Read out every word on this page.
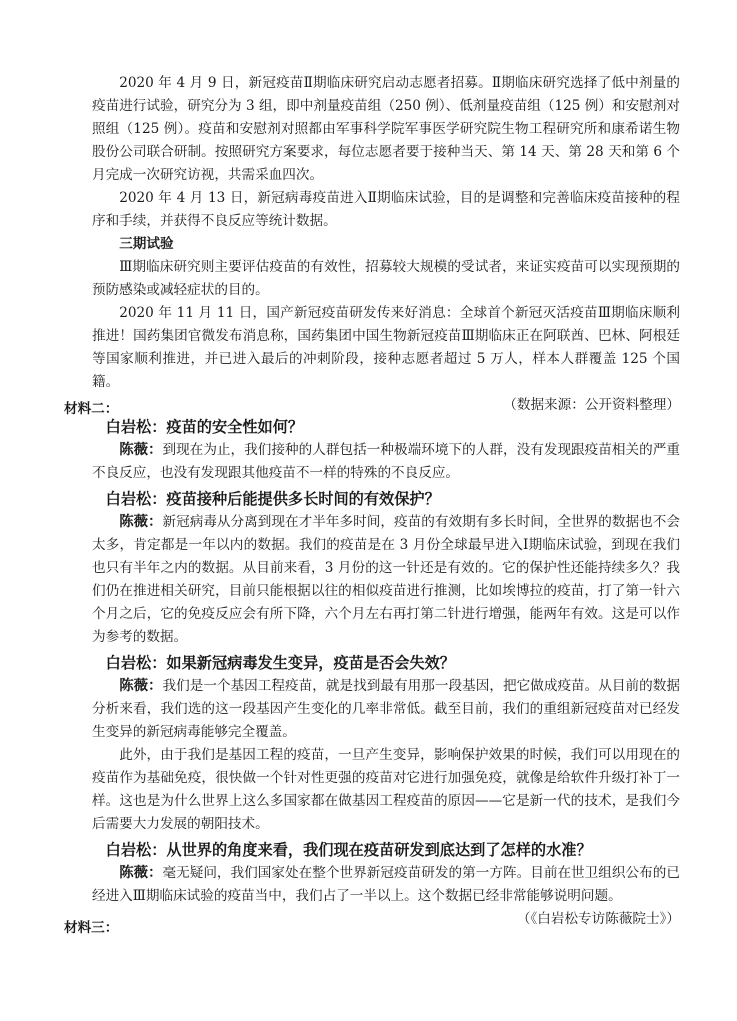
2020 年 4 月 9 日，新冠疫苗Ⅱ期临床研究启动志愿者招募。Ⅱ期临床研究选择了低中剂量的疫苗进行试验，研究分为 3 组，即中剂量疫苗组（250 例）、低剂量疫苗组（125 例）和安慰剂对照组（125 例）。疫苗和安慰剂对照都由军事科学院军事医学研究院生物工程研究所和康希诺生物股份公司联合研制。按照研究方案要求，每位志愿者要于接种当天、第 14 天、第 28 天和第 6 个月完成一次研究访视，共需采血四次。

2020 年 4 月 13 日，新冠病毒疫苗进入Ⅱ期临床试验，目的是调整和完善临床疫苗接种的程序和手续，并获得不良反应等统计数据。

三期试验

Ⅲ期临床研究则主要评估疫苗的有效性，招募较大规模的受试者，来证实疫苗可以实现预期的预防感染或减轻症状的目的。

2020 年 11 月 11 日，国产新冠疫苗研发传来好消息：全球首个新冠灭活疫苗Ⅲ期临床顺利推进！国药集团官微发布消息称，国药集团中国生物新冠疫苗Ⅲ期临床正在阿联酋、巴林、阿根廷等国家顺利推进，并已进入最后的冲刺阶段，接种志愿者超过 5 万人，样本人群覆盖 125 个国籍。

（数据来源：公开资料整理）
材料二：
白岩松：疫苗的安全性如何？

陈薇：到现在为止，我们接种的人群包括一种极端环境下的人群，没有发现跟疫苗相关的严重不良反应，也没有发现跟其他疫苗不一样的特殊的不良反应。

白岩松：疫苗接种后能提供多长时间的有效保护？

陈薇：新冠病毒从分离到现在才半年多时间，疫苗的有效期有多长时间，全世界的数据也不会太多，肯定都是一年以内的数据。我们的疫苗是在 3 月份全球最早进入Ⅰ期临床试验，到现在我们也只有半年之内的数据。从目前来看，3 月份的这一针还是有效的。它的保护性还能持续多久？我们仍在推进相关研究，目前只能根据以往的相似疫苗进行推测，比如埃博拉的疫苗，打了第一针六个月之后，它的免疫反应会有所下降，六个月左右再打第二针进行增强，能两年有效。这是可以作为参考的数据。

白岩松：如果新冠病毒发生变异，疫苗是否会失效？

陈薇：我们是一个基因工程疫苗，就是找到最有用那一段基因，把它做成疫苗。从目前的数据分析来看，我们选的这一段基因产生变化的几率非常低。截至目前，我们的重组新冠疫苗对已经发生变异的新冠病毒能够完全覆盖。

此外，由于我们是基因工程的疫苗，一旦产生变异，影响保护效果的时候，我们可以用现在的疫苗作为基础免疫，很快做一个针对性更强的疫苗对它进行加强免疫，就像是给软件升级打补丁一样。这也是为什么世界上这么多国家都在做基因工程疫苗的原因——它是新一代的技术，是我们今后需要大力发展的朝阳技术。

白岩松：从世界的角度来看，我们现在疫苗研发到底达到了怎样的水准？

陈薇：毫无疑问，我们国家处在整个世界新冠疫苗研发的第一方阵。目前在世卫组织公布的已经进入Ⅲ期临床试验的疫苗当中，我们占了一半以上。这个数据已经非常能够说明问题。

（《白岩松专访陈薇院士》）
材料三：
